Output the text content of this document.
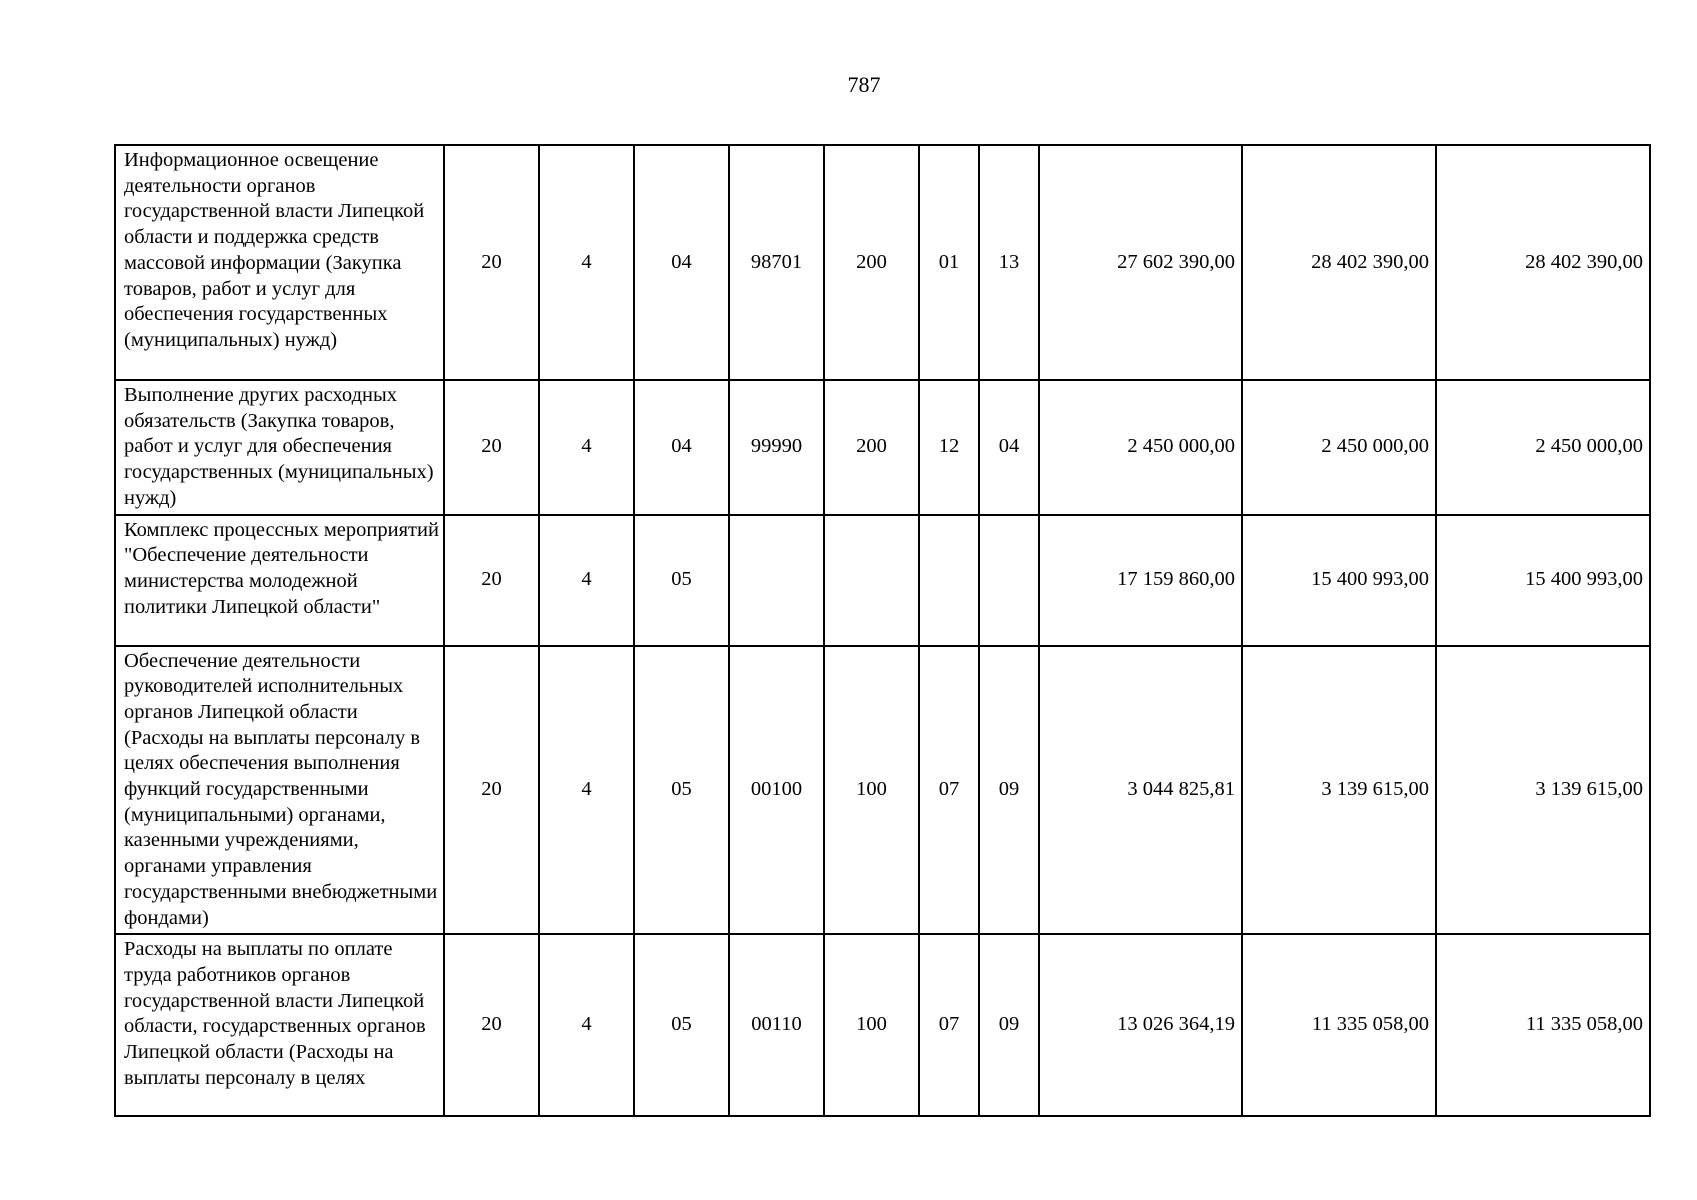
787
Информационное освещение деятельности органов государственной власти Липецкой области и поддержка средств массовой информации (Закупка товаров, работ и услуг для обеспечения государственных (муниципальных) нужд)	20	4	04	98701	200	01	13	27 602 390,00	28 402 390,00	28 402 390,00
Выполнение других расходных обязательств (Закупка товаров, работ и услуг для обеспечения государственных (муниципальных) нужд)	20	4	04	99990	200	12	04	2 450 000,00	2 450 000,00	2 450 000,00
Комплекс процессных мероприятий "Обеспечение деятельности министерства молодежной политики Липецкой области"	20	4	05					17 159 860,00	15 400 993,00	15 400 993,00
Обеспечение деятельности руководителей исполнительных органов Липецкой области (Расходы на выплаты персоналу в целях обеспечения выполнения функций государственными (муниципальными) органами, казенными учреждениями, органами управления государственными внебюджетными фондами)	20	4	05	00100	100	07	09	3 044 825,81	3 139 615,00	3 139 615,00
Расходы на выплаты по оплате труда работников органов государственной власти Липецкой области, государственных органов Липецкой области (Расходы на выплаты персоналу в целях	20	4	05	00110	100	07	09	13 026 364,19	11 335 058,00	11 335 058,00
